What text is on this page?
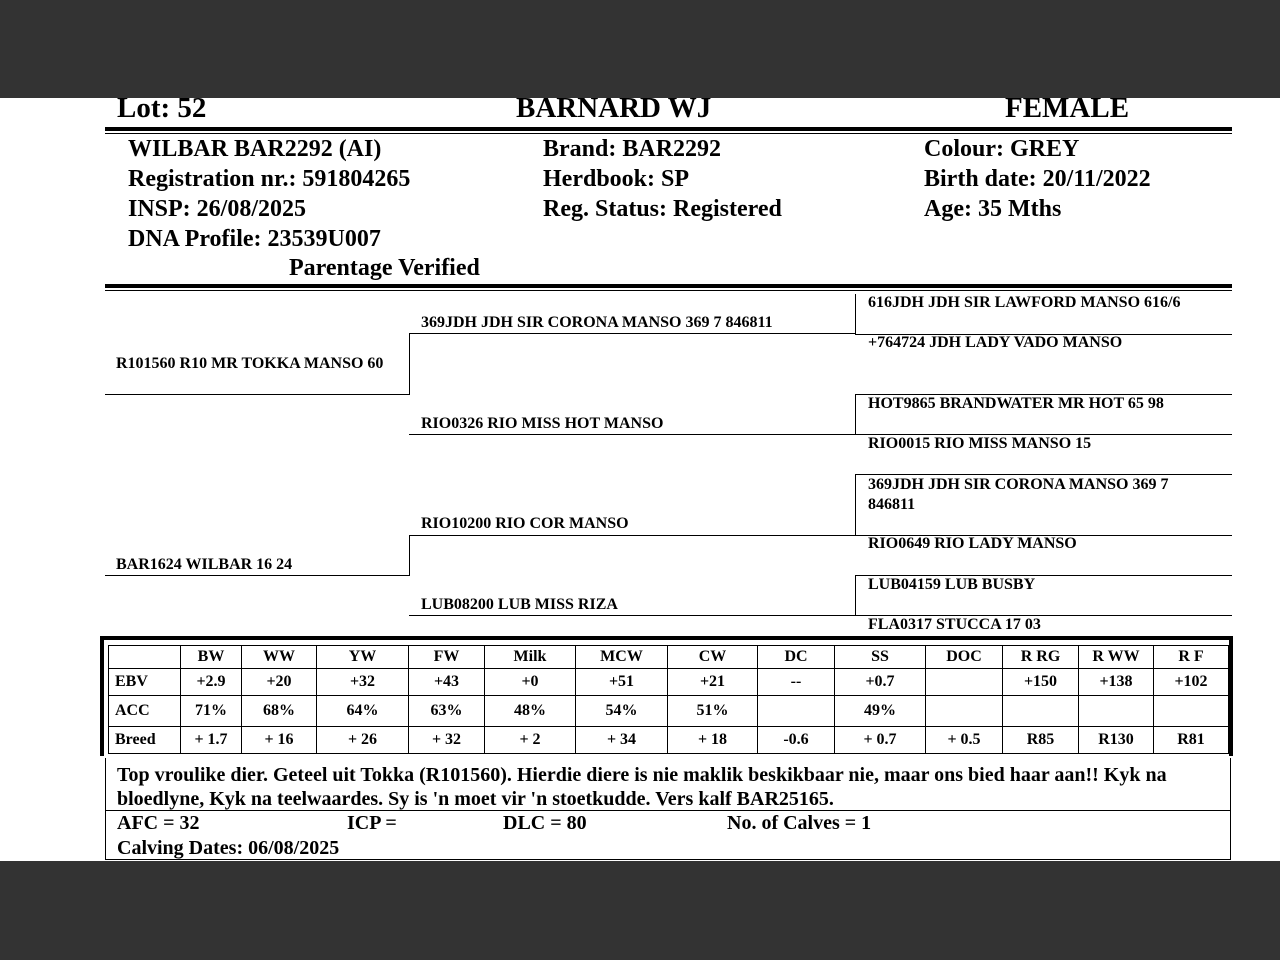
Lot: 52	BARNARD WJ	FEMALE
WILBAR BAR2292 (AI)
Registration nr.: 591804265
INSP: 26/08/2025
DNA Profile: 23539U007
Parentage Verified
Brand: BAR2292
Herdbook: SP
Reg. Status: Registered
Colour: GREY
Birth date: 20/11/2022
Age: 35 Mths
R101560 R10 MR TOKKA MANSO 60
BAR1624 WILBAR 16 24
369JDH JDH SIR CORONA MANSO 369 7 846811
RIO0326 RIO MISS HOT MANSO
RIO10200 RIO COR MANSO
LUB08200 LUB MISS RIZA
616JDH JDH SIR LAWFORD MANSO 616/6
+764724 JDH LADY VADO MANSO
HOT9865 BRANDWATER MR HOT 65 98
RIO0015 RIO MISS MANSO 15
369JDH JDH SIR CORONA MANSO 369 7 846811
RIO0649 RIO LADY MANSO
LUB04159 LUB BUSBY
FLA0317 STUCCA 17 03
	BW	WW	YW	FW	Milk	MCW	CW	DC	SS	DOC	R RG	R WW	R F
EBV	+2.9	+20	+32	+43	+0	+51	+21	--	+0.7		+150	+138	+102
ACC	71%	68%	64%	63%	48%	54%	51%		49%				
Breed	+ 1.7	+ 16	+ 26	+ 32	+ 2	+ 34	+ 18	-0.6	+ 0.7	+ 0.5	R85	R130	R81
Top vroulike dier. Geteel uit Tokka (R101560). Hierdie diere is nie maklik beskikbaar nie, maar ons bied haar aan!! Kyk na bloedlyne, Kyk na teelwaardes. Sy is 'n moet vir 'n stoetkudde. Vers kalf BAR25165.
AFC = 32	ICP =	DLC = 80	No. of Calves = 1
Calving Dates: 06/08/2025
